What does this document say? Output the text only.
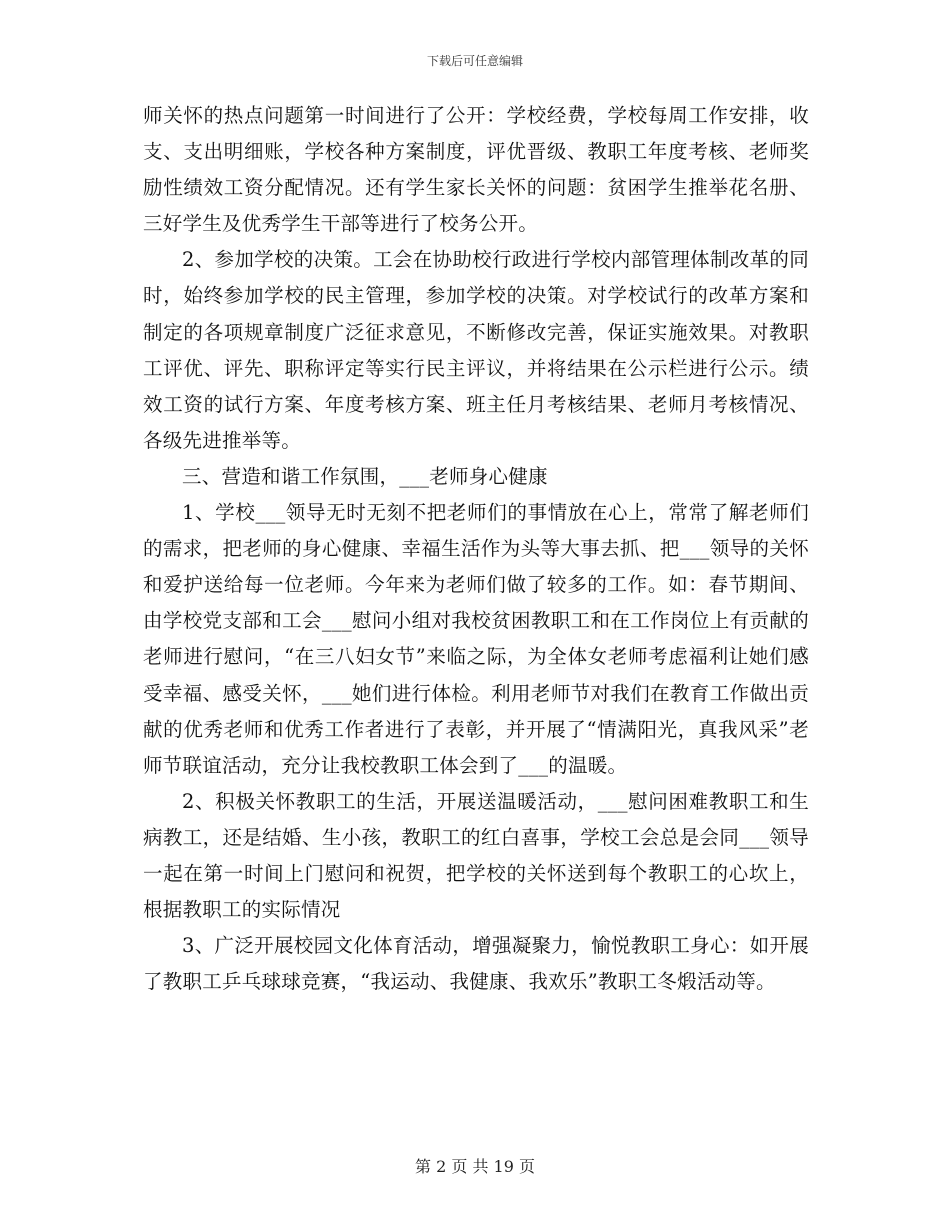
下载后可任意编辑

师关怀的热点问题第一时间进行了公开：学校经费，学校每周工作安排，收支、支出明细账，学校各种方案制度，评优晋级、教职工年度考核、老师奖励性绩效工资分配情况。还有学生家长关怀的问题：贫困学生推举花名册、三好学生及优秀学生干部等进行了校务公开。

2、参加学校的决策。工会在协助校行政进行学校内部管理体制改革的同时，始终参加学校的民主管理，参加学校的决策。对学校试行的改革方案和制定的各项规章制度广泛征求意见，不断修改完善，保证实施效果。对教职工评优、评先、职称评定等实行民主评议，并将结果在公示栏进行公示。绩效工资的试行方案、年度考核方案、班主任月考核结果、老师月考核情况、各级先进推举等。

三、营造和谐工作氛围，___老师身心健康

1、学校___领导无时无刻不把老师们的事情放在心上，常常了解老师们的需求，把老师的身心健康、幸福生活作为头等大事去抓、把___领导的关怀和爱护送给每一位老师。今年来为老师们做了较多的工作。如：春节期间、由学校党支部和工会___慰问小组对我校贫困教职工和在工作岗位上有贡献的老师进行慰问，“在三八妇女节”来临之际，为全体女老师考虑福利让她们感受幸福、感受关怀，___她们进行体检。利用老师节对我们在教育工作做出贡献的优秀老师和优秀工作者进行了表彰，并开展了“情满阳光，真我风采”老师节联谊活动，充分让我校教职工体会到了___的温暖。

2、积极关怀教职工的生活，开展送温暖活动，___慰问困难教职工和生病教工，还是结婚、生小孩，教职工的红白喜事，学校工会总是会同___领导一起在第一时间上门慰问和祝贺，把学校的关怀送到每个教职工的心坎上，根据教职工的实际情况

3、广泛开展校园文化体育活动，增强凝聚力，愉悦教职工身心：如开展了教职工乒乓球球竞赛，“我运动、我健康、我欢乐”教职工冬煅活动等。

第 2 页 共 19 页
